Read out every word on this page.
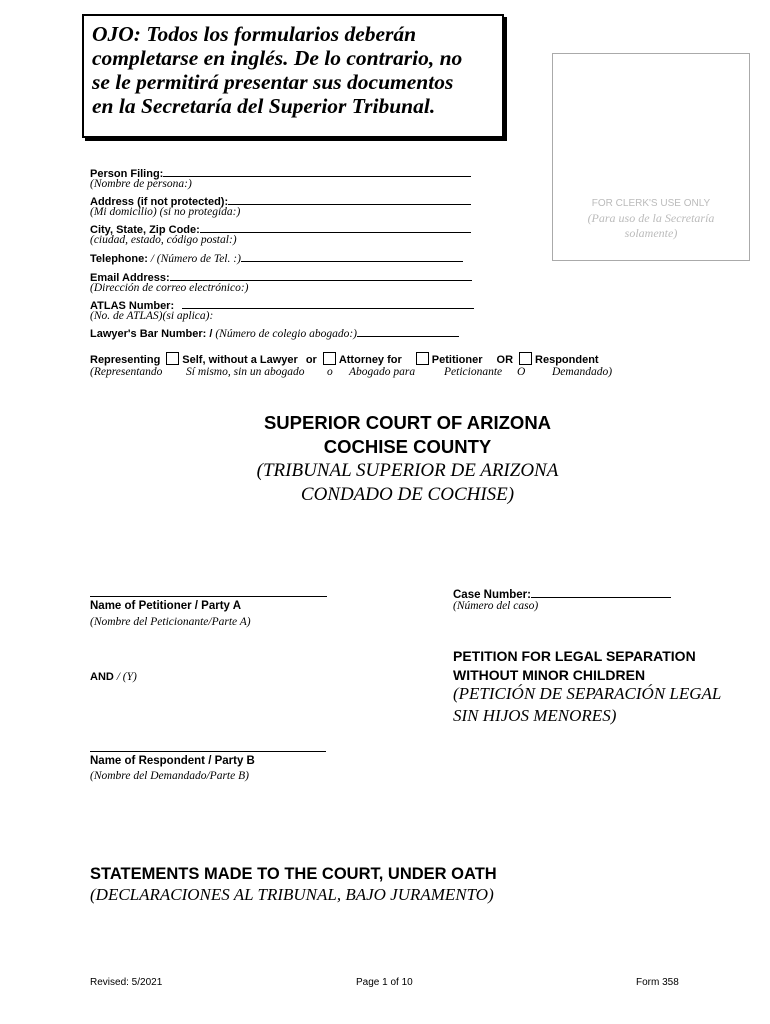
OJO: Todos los formularios deberán
completarse en inglés. De lo contrario, no
se le permitirá presentar sus documentos
en la Secretaría del Superior Tribunal.
FOR CLERK'S USE ONLY
(Para uso de la Secretaría
solamente)
Person Filing:
(Nombre de persona:)
Address (if not protected):
(Mi domicilio) (si no protegida:)
City, State, Zip Code:
(ciudad, estado, código postal:)
Telephone: / (Número de Tel. :)
Email Address:
(Dirección de correo electrónico:)
ATLAS Number:
(No. de ATLAS)(si aplica):
Lawyer's Bar Number: / (Número de colegio abogado:)
Representing Self, without a Lawyer or Attorney for	Petitioner OR Respondent
(Representando Sí mismo, sin un abogado o Abogado para	Peticionante O Demandado)
SUPERIOR COURT OF ARIZONA
COCHISE COUNTY
(TRIBUNAL SUPERIOR DE ARIZONA
CONDADO DE COCHISE)
Name of Petitioner / Party A
(Nombre del Peticionante/Parte A)
Case Number:
(Número del caso)
AND / (Y)
PETITION FOR LEGAL SEPARATION
WITHOUT MINOR CHILDREN
(PETICIÓN DE SEPARACIÓN LEGAL
SIN HIJOS MENORES)
Name of Respondent / Party B
(Nombre del Demandado/Parte B)
STATEMENTS MADE TO THE COURT, UNDER OATH
(DECLARACIONES AL TRIBUNAL, BAJO JURAMENTO)
Revised: 5/2021	Page 1 of 10	Form 358
